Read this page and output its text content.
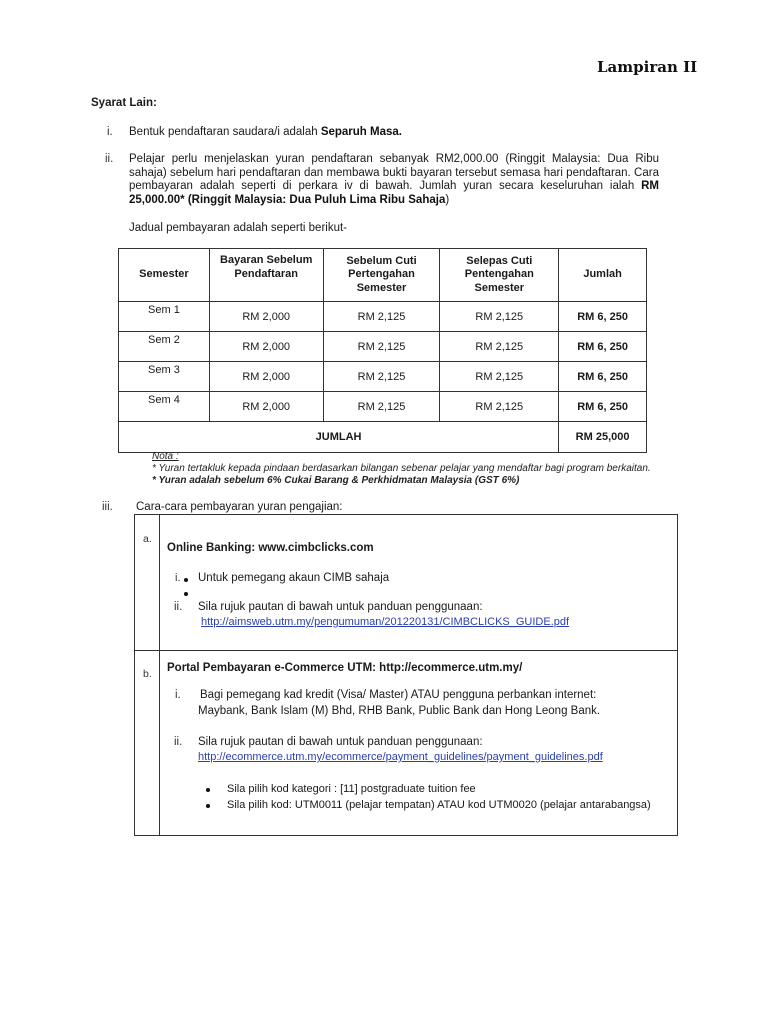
Lampiran II
Syarat Lain:
i. Bentuk pendaftaran saudara/i adalah Separuh Masa.
ii. Pelajar perlu menjelaskan yuran pendaftaran sebanyak RM2,000.00 (Ringgit Malaysia: Dua Ribu sahaja) sebelum hari pendaftaran dan membawa bukti bayaran tersebut semasa hari pendaftaran. Cara pembayaran adalah seperti di perkara iv di bawah. Jumlah yuran secara keseluruhan ialah RM 25,000.00* (Ringgit Malaysia: Dua Puluh Lima Ribu Sahaja)
Jadual pembayaran adalah seperti berikut-
Semester	Bayaran Sebelum Pendaftaran	Sebelum Cuti Pertengahan Semester	Selepas Cuti Pentengahan Semester	Jumlah
Sem 1	RM 2,000	RM 2,125	RM 2,125	RM 6, 250
Sem 2	RM 2,000	RM 2,125	RM 2,125	RM 6, 250
Sem 3	RM 2,000	RM 2,125	RM 2,125	RM 6, 250
Sem 4	RM 2,000	RM 2,125	RM 2,125	RM 6, 250
JUMLAH				RM 25,000
Nota :
* Yuran tertakluk kepada pindaan berdasarkan bilangan sebenar pelajar yang mendaftar bagi program berkaitan.
* Yuran adalah sebelum 6% Cukai Barang & Perkhidmatan Malaysia (GST 6%)
iii. Cara-cara pembayaran yuran pengajian:
a.
Online Banking: www.cimbclicks.com
i. Untuk pemegang akaun CIMB sahaja
ii. Sila rujuk pautan di bawah untuk panduan penggunaan:
http://aimsweb.utm.my/pengumuman/201220131/CIMBCLICKS_GUIDE.pdf
b. Portal Pembayaran e-Commerce UTM: http://ecommerce.utm.my/
i. Bagi pemegang kad kredit (Visa/ Master) ATAU pengguna perbankan internet:
Maybank, Bank Islam (M) Bhd, RHB Bank, Public Bank dan Hong Leong Bank.
ii. Sila rujuk pautan di bawah untuk panduan penggunaan:
http://ecommerce.utm.my/ecommerce/payment_guidelines/payment_guidelines.pdf
Sila pilih kod kategori : [11] postgraduate tuition fee
Sila pilih kod: UTM0011 (pelajar tempatan) ATAU kod UTM0020 (pelajar antarabangsa)
